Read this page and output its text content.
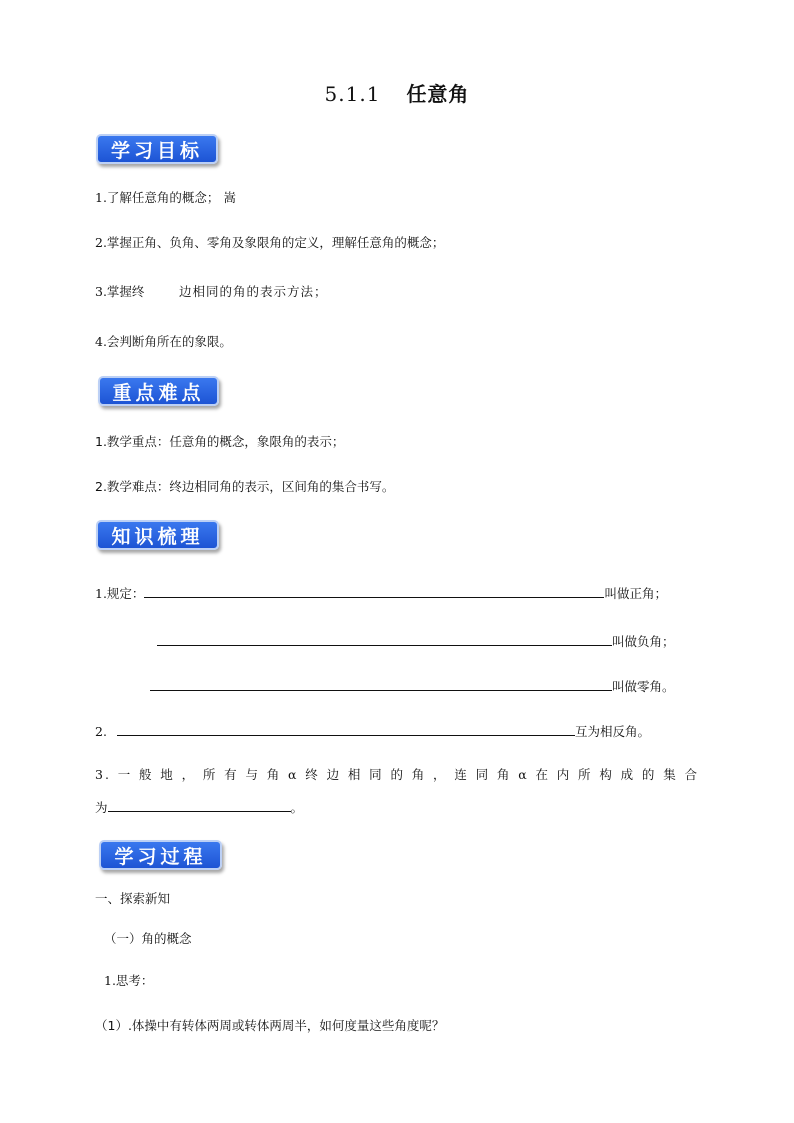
5.1.1 任意角
学习目标
1.了解任意角的概念； 嵩
2.掌握正角、负角、零角及象限角的定义，理解任意角的概念；
3.掌握终	边相同的角的表示方法；
4.会判断角所在的象限。
重点难点
1.教学重点：任意角的概念，象限角的表示；
2.教学难点：终边相同角的表示，区间角的集合书写。
知识梳理
1.规定：	叫做正角；
叫做负角；
叫做零角。
2.	互为相反角。
3.一般地，所有与角α终边相同的角，连同角α在内所构成的集合
为	。
学习过程
一、探索新知
（一）角的概念
1.思考：
（1）.体操中有转体两周或转体两周半，如何度量这些角度呢？
